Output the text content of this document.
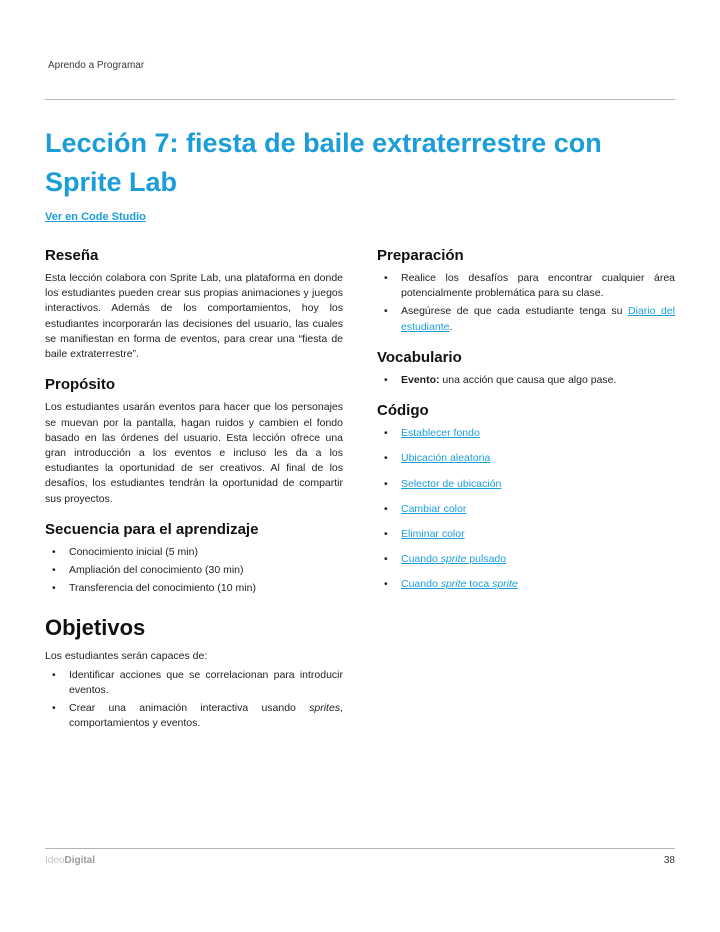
Aprendo a Programar
Lección 7: fiesta de baile extraterrestre con Sprite Lab
Ver en Code Studio
Reseña

Esta lección colabora con Sprite Lab, una plataforma en donde los estudiantes pueden crear sus propias animaciones y juegos interactivos. Además de los comportamientos, hoy los estudiantes incorporarán las decisiones del usuario, las cuales se manifiestan en forma de eventos, para crear una “fiesta de baile extraterrestre”.

Propósito

Los estudiantes usarán eventos para hacer que los personajes se muevan por la pantalla, hagan ruidos y cambien el fondo basado en las órdenes del usuario. Esta lección ofrece una gran introducción a los eventos e incluso les da a los estudiantes la oportunidad de ser creativos. Al final de los desafíos, los estudiantes tendrán la oportunidad de compartir sus proyectos.

Secuencia para el aprendizaje
•	Conocimiento inicial (5 min)
•	Ampliación del conocimiento (30 min)
•	Transferencia del conocimiento (10 min)
Objetivos
Los estudiantes serán capaces de:
•	Identificar acciones que se correlacionan para introducir eventos.
•	Crear una animación interactiva usando sprites, comportamientos y eventos.
Preparación
•	Realice los desafíos para encontrar cualquier área potencialmente problemática para su clase.
•	Asegúrese de que cada estudiante tenga su Diario del estudiante.
Vocabulario
•	Evento: una acción que causa que algo pase.
Código
•	Establecer fondo
•	Ubicación aleatoria
•	Selector de ubicación
•	Cambiar color
•	Eliminar color
•	Cuando sprite pulsado
•	Cuando sprite toca sprite
IdeoDigital	38
